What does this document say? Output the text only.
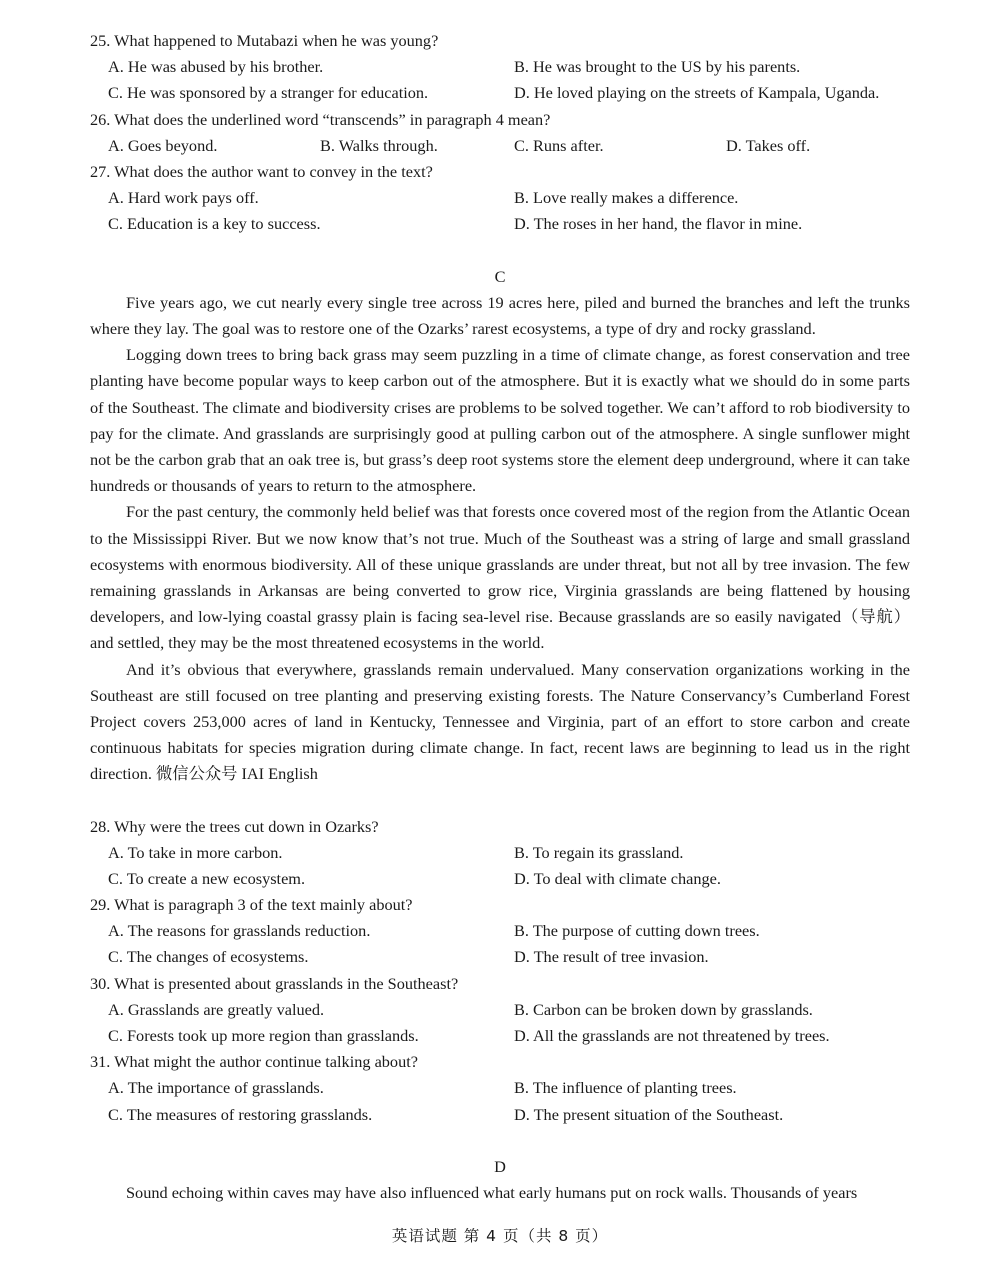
25. What happened to Mutabazi when he was young?
A. He was abused by his brother.	B. He was brought to the US by his parents.
C. He was sponsored by a stranger for education.	D. He loved playing on the streets of Kampala, Uganda.
26. What does the underlined word “transcends” in paragraph 4 mean?
A. Goes beyond.	B. Walks through.	C. Runs after.	D. Takes off.
27. What does the author want to convey in the text?
A. Hard work pays off.	B. Love really makes a difference.
C. Education is a key to success.	D. The roses in her hand, the flavor in mine.
C

Five years ago, we cut nearly every single tree across 19 acres here, piled and burned the branches and left the trunks where they lay. The goal was to restore one of the Ozarks’ rarest ecosystems, a type of dry and rocky grassland.

Logging down trees to bring back grass may seem puzzling in a time of climate change, as forest conservation and tree planting have become popular ways to keep carbon out of the atmosphere. But it is exactly what we should do in some parts of the Southeast. The climate and biodiversity crises are problems to be solved together. We can’t afford to rob biodiversity to pay for the climate. And grasslands are surprisingly good at pulling carbon out of the atmosphere. A single sunflower might not be the carbon grab that an oak tree is, but grass’s deep root systems store the element deep underground, where it can take hundreds or thousands of years to return to the atmosphere.

For the past century, the commonly held belief was that forests once covered most of the region from the Atlantic Ocean to the Mississippi River. But we now know that’s not true. Much of the Southeast was a string of large and small grassland ecosystems with enormous biodiversity. All of these unique grasslands are under threat, but not all by tree invasion. The few remaining grasslands in Arkansas are being converted to grow rice, Virginia grasslands are being flattened by housing developers, and low-lying coastal grassy plain is facing sea-level rise. Because grasslands are so easily navigated（导航）and settled, they may be the most threatened ecosystems in the world.

And it’s obvious that everywhere, grasslands remain undervalued. Many conservation organizations working in the Southeast are still focused on tree planting and preserving existing forests. The Nature Conservancy’s Cumberland Forest Project covers 253,000 acres of land in Kentucky, Tennessee and Virginia, part of an effort to store carbon and create continuous habitats for species migration during climate change. In fact, recent laws are beginning to lead us in the right direction. 微信公众号 IAI English

28. Why were the trees cut down in Ozarks?
A. To take in more carbon.	B. To regain its grassland.
C. To create a new ecosystem.	D. To deal with climate change.
29. What is paragraph 3 of the text mainly about?
A. The reasons for grasslands reduction.	B. The purpose of cutting down trees.
C. The changes of ecosystems.	D. The result of tree invasion.
30. What is presented about grasslands in the Southeast?
A. Grasslands are greatly valued.	B. Carbon can be broken down by grasslands.
C. Forests took up more region than grasslands.	D. All the grasslands are not threatened by trees.
31. What might the author continue talking about?
A. The importance of grasslands.	B. The influence of planting trees.
C. The measures of restoring grasslands.	D. The present situation of the Southeast.
D

Sound echoing within caves may have also influenced what early humans put on rock walls. Thousands of years

英语试题 第 4 页（共 8 页）
